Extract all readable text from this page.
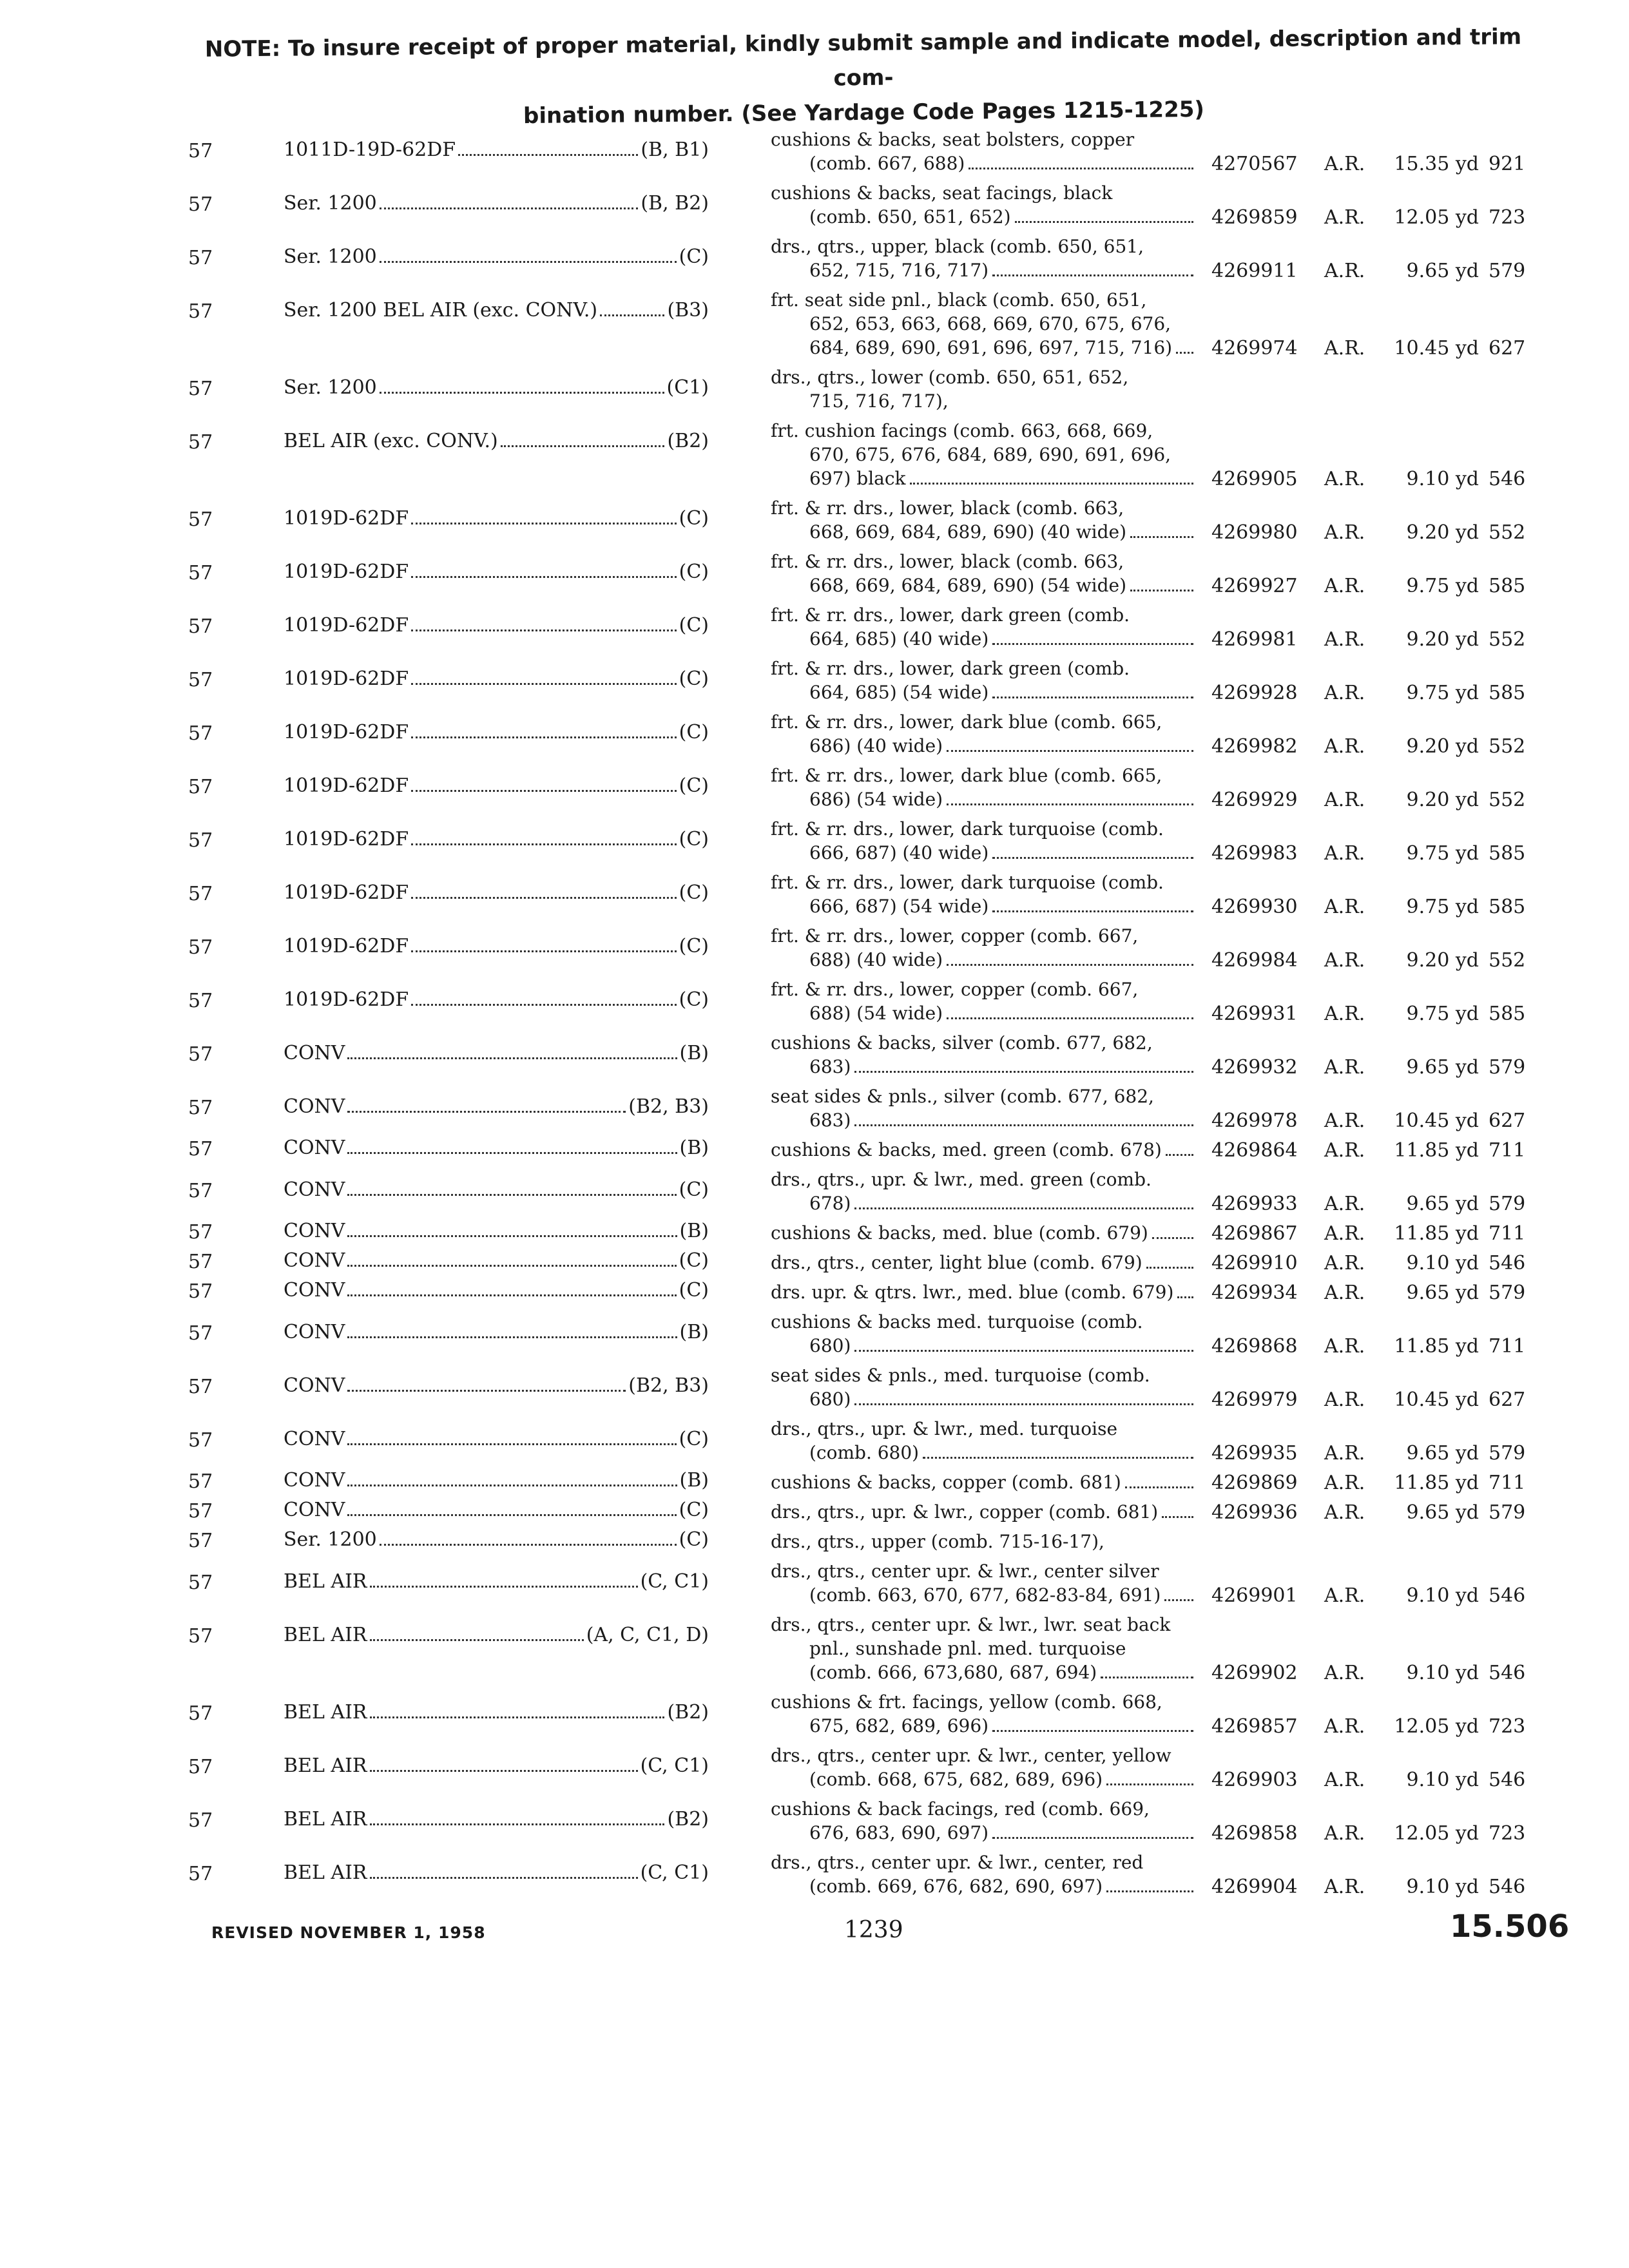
NOTE: To insure receipt of proper material, kindly submit sample and indicate model, description and trim com-
bination number. (See Yardage Code Pages 1215-1225)
57	1011D-19D-62DF	(B, B1)	cushions & backs, seat bolsters, copper
(comb. 667, 688)	4270567	A.R.	15.35 yd 921
57	Ser. 1200	(B, B2)	cushions & backs, seat facings, black
(comb. 650, 651, 652)	4269859	A.R.	12.05 yd 723
57	Ser. 1200	(C)	drs., qtrs., upper, black (comb. 650, 651,
652, 715, 716, 717)	4269911	A.R.	9.65 yd 579
57	Ser. 1200 BEL AIR (exc. CONV.)	(B3)	frt. seat side pnl., black (comb. 650, 651,
652, 653, 663, 668, 669, 670, 675, 676,
684, 689, 690, 691, 696, 697, 715, 716) 4269974	A.R.	10.45 yd 627
57	Ser. 1200	(C1)	drs., qtrs., lower (comb. 650, 651, 652,
715, 716, 717),
57	BEL AIR (exc. CONV.)	(B2)	frt. cushion facings (comb. 663, 668, 669,
670, 675, 676, 684, 689, 690, 691, 696,
697) black	4269905	A.R.	9.10 yd 546
57	1019D-62DF	(C)	frt. & rr. drs., lower, black (comb. 663,
668, 669, 684, 689, 690) (40 wide)	4269980	A.R.	9.20 yd 552
57	1019D-62DF	(C)	frt. & rr. drs., lower, black (comb. 663,
668, 669, 684, 689, 690) (54 wide)	4269927	A.R.	9.75 yd 585
57	1019D-62DF	(C)	frt. & rr. drs., lower, dark green (comb.
664, 685) (40 wide)	4269981	A.R.	9.20 yd 552
57	1019D-62DF	(C)	frt. & rr. drs., lower, dark green (comb.
664, 685) (54 wide)	4269928	A.R.	9.75 yd 585
57	1019D-62DF	(C)	frt. & rr. drs., lower, dark blue (comb. 665,
686) (40 wide)	4269982	A.R.	9.20 yd 552
57	1019D-62DF	(C)	frt. & rr. drs., lower, dark blue (comb. 665,
686) (54 wide)	4269929	A.R.	9.20 yd 552
57	1019D-62DF	(C)	frt. & rr. drs., lower, dark turquoise (comb.
666, 687) (40 wide)	4269983	A.R.	9.75 yd 585
57	1019D-62DF	(C)	frt. & rr. drs., lower, dark turquoise (comb.
666, 687) (54 wide)	4269930	A.R.	9.75 yd 585
57	1019D-62DF	(C)	frt. & rr. drs., lower, copper (comb. 667,
688) (40 wide)	4269984	A.R.	9.20 yd 552
57	1019D-62DF	(C)	frt. & rr. drs., lower, copper (comb. 667,
688) (54 wide)	4269931	A.R.	9.75 yd 585
57	CONV	(B)	cushions & backs, silver (comb. 677, 682,
683)	4269932	A.R.	9.65 yd 579
57	CONV	(B2, B3)	seat sides & pnls., silver (comb. 677, 682,
683)	4269978	A.R.	10.45 yd 627
57	CONV	(B)	cushions & backs, med. green (comb. 678)	4269864	A.R.	11.85 yd 711
57	CONV	(C)	drs., qtrs., upr. & lwr., med. green (comb.
678)	4269933	A.R.	9.65 yd 579
57	CONV	(B)	cushions & backs, med. blue (comb. 679)	4269867	A.R.	11.85 yd 711
57	CONV	(C)	drs., qtrs., center, light blue (comb. 679)	4269910	A.R.	9.10 yd 546
57	CONV	(C)	drs. upr. & qtrs. lwr., med. blue (comb. 679) 4269934	A.R.	9.65 yd 579
57	CONV	(B)	cushions & backs med. turquoise (comb.
680)	4269868	A.R.	11.85 yd 711
57	CONV	(B2, B3)	seat sides & pnls., med. turquoise (comb.
680)	4269979	A.R.	10.45 yd 627
57	CONV	(C)	drs., qtrs., upr. & lwr., med. turquoise
(comb. 680)	4269935	A.R.	9.65 yd 579
57	CONV	(B)	cushions & backs, copper (comb. 681)	4269869	A.R.	11.85 yd 711
57	CONV	(C)	drs., qtrs., upr. & lwr., copper (comb. 681)	4269936	A.R.	9.65 yd 579
57	Ser. 1200	(C)	drs., qtrs., upper (comb. 715-16-17),
57	BEL AIR	(C, C1)	drs., qtrs., center upr. & lwr., center silver
(comb. 663, 670, 677, 682-83-84, 691)	4269901	A.R.	9.10 yd 546
57	BEL AIR	(A, C, C1, D)	drs., qtrs., center upr. & lwr., lwr. seat back
pnl., sunshade pnl. med. turquoise
(comb. 666, 673,680, 687, 694)	4269902	A.R.	9.10 yd 546
57	BEL AIR	(B2)	cushions & frt. facings, yellow (comb. 668,
675, 682, 689, 696)	4269857	A.R.	12.05 yd 723
57	BEL AIR	(C, C1)	drs., qtrs., center upr. & lwr., center, yellow
(comb. 668, 675, 682, 689, 696)	4269903	A.R.	9.10 yd 546
57	BEL AIR	(B2)	cushions & back facings, red (comb. 669,
676, 683, 690, 697)	4269858	A.R.	12.05 yd 723
57	BEL AIR	(C, C1)	drs., qtrs., center upr. & lwr., center, red
(comb. 669, 676, 682, 690, 697)	4269904	A.R.	9.10 yd 546
REVISED NOVEMBER 1, 1958	1239	15.506
